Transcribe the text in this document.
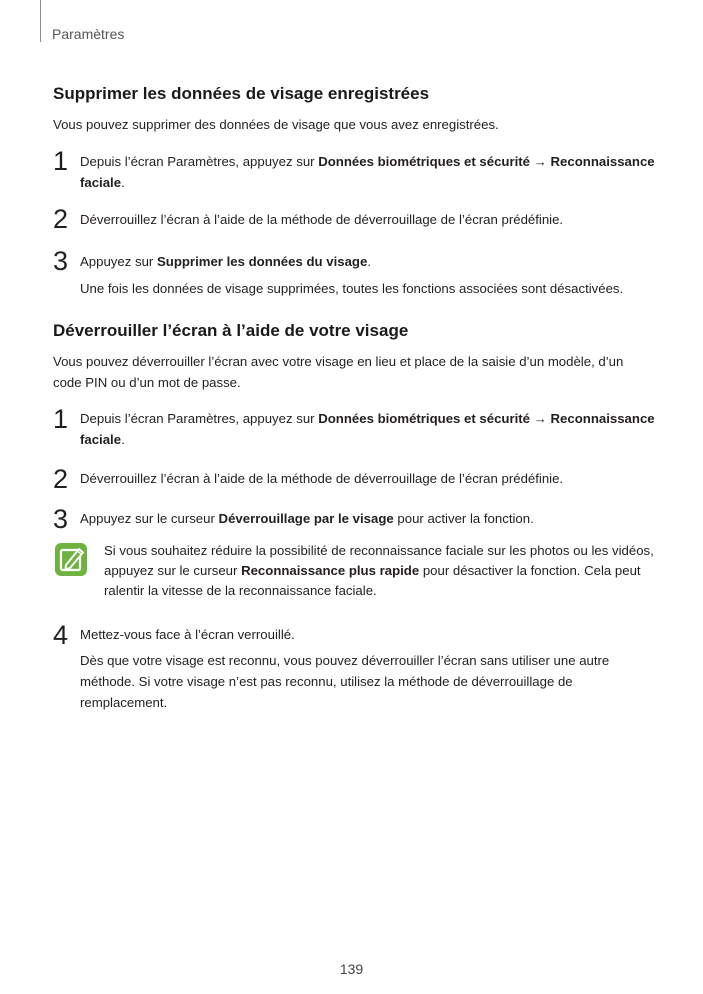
Paramètres
Supprimer les données de visage enregistrées
Vous pouvez supprimer des données de visage que vous avez enregistrées.
1 Depuis l’écran Paramètres, appuyez sur Données biométriques et sécurité → Reconnaissance faciale.
2 Déverrouillez l’écran à l’aide de la méthode de déverrouillage de l’écran prédéfinie.
3 Appuyez sur Supprimer les données du visage.
Une fois les données de visage supprimées, toutes les fonctions associées sont désactivées.
Déverrouiller l’écran à l’aide de votre visage
Vous pouvez déverrouiller l’écran avec votre visage en lieu et place de la saisie d’un modèle, d’un code PIN ou d’un mot de passe.
1 Depuis l’écran Paramètres, appuyez sur Données biométriques et sécurité → Reconnaissance faciale.
2 Déverrouillez l’écran à l’aide de la méthode de déverrouillage de l’écran prédéfinie.
3 Appuyez sur le curseur Déverrouillage par le visage pour activer la fonction.
Si vous souhaitez réduire la possibilité de reconnaissance faciale sur les photos ou les vidéos, appuyez sur le curseur Reconnaissance plus rapide pour désactiver la fonction. Cela peut ralentir la vitesse de la reconnaissance faciale.
4 Mettez-vous face à l’écran verrouillé.
Dès que votre visage est reconnu, vous pouvez déverrouiller l’écran sans utiliser une autre méthode. Si votre visage n’est pas reconnu, utilisez la méthode de déverrouillage de remplacement.
139
